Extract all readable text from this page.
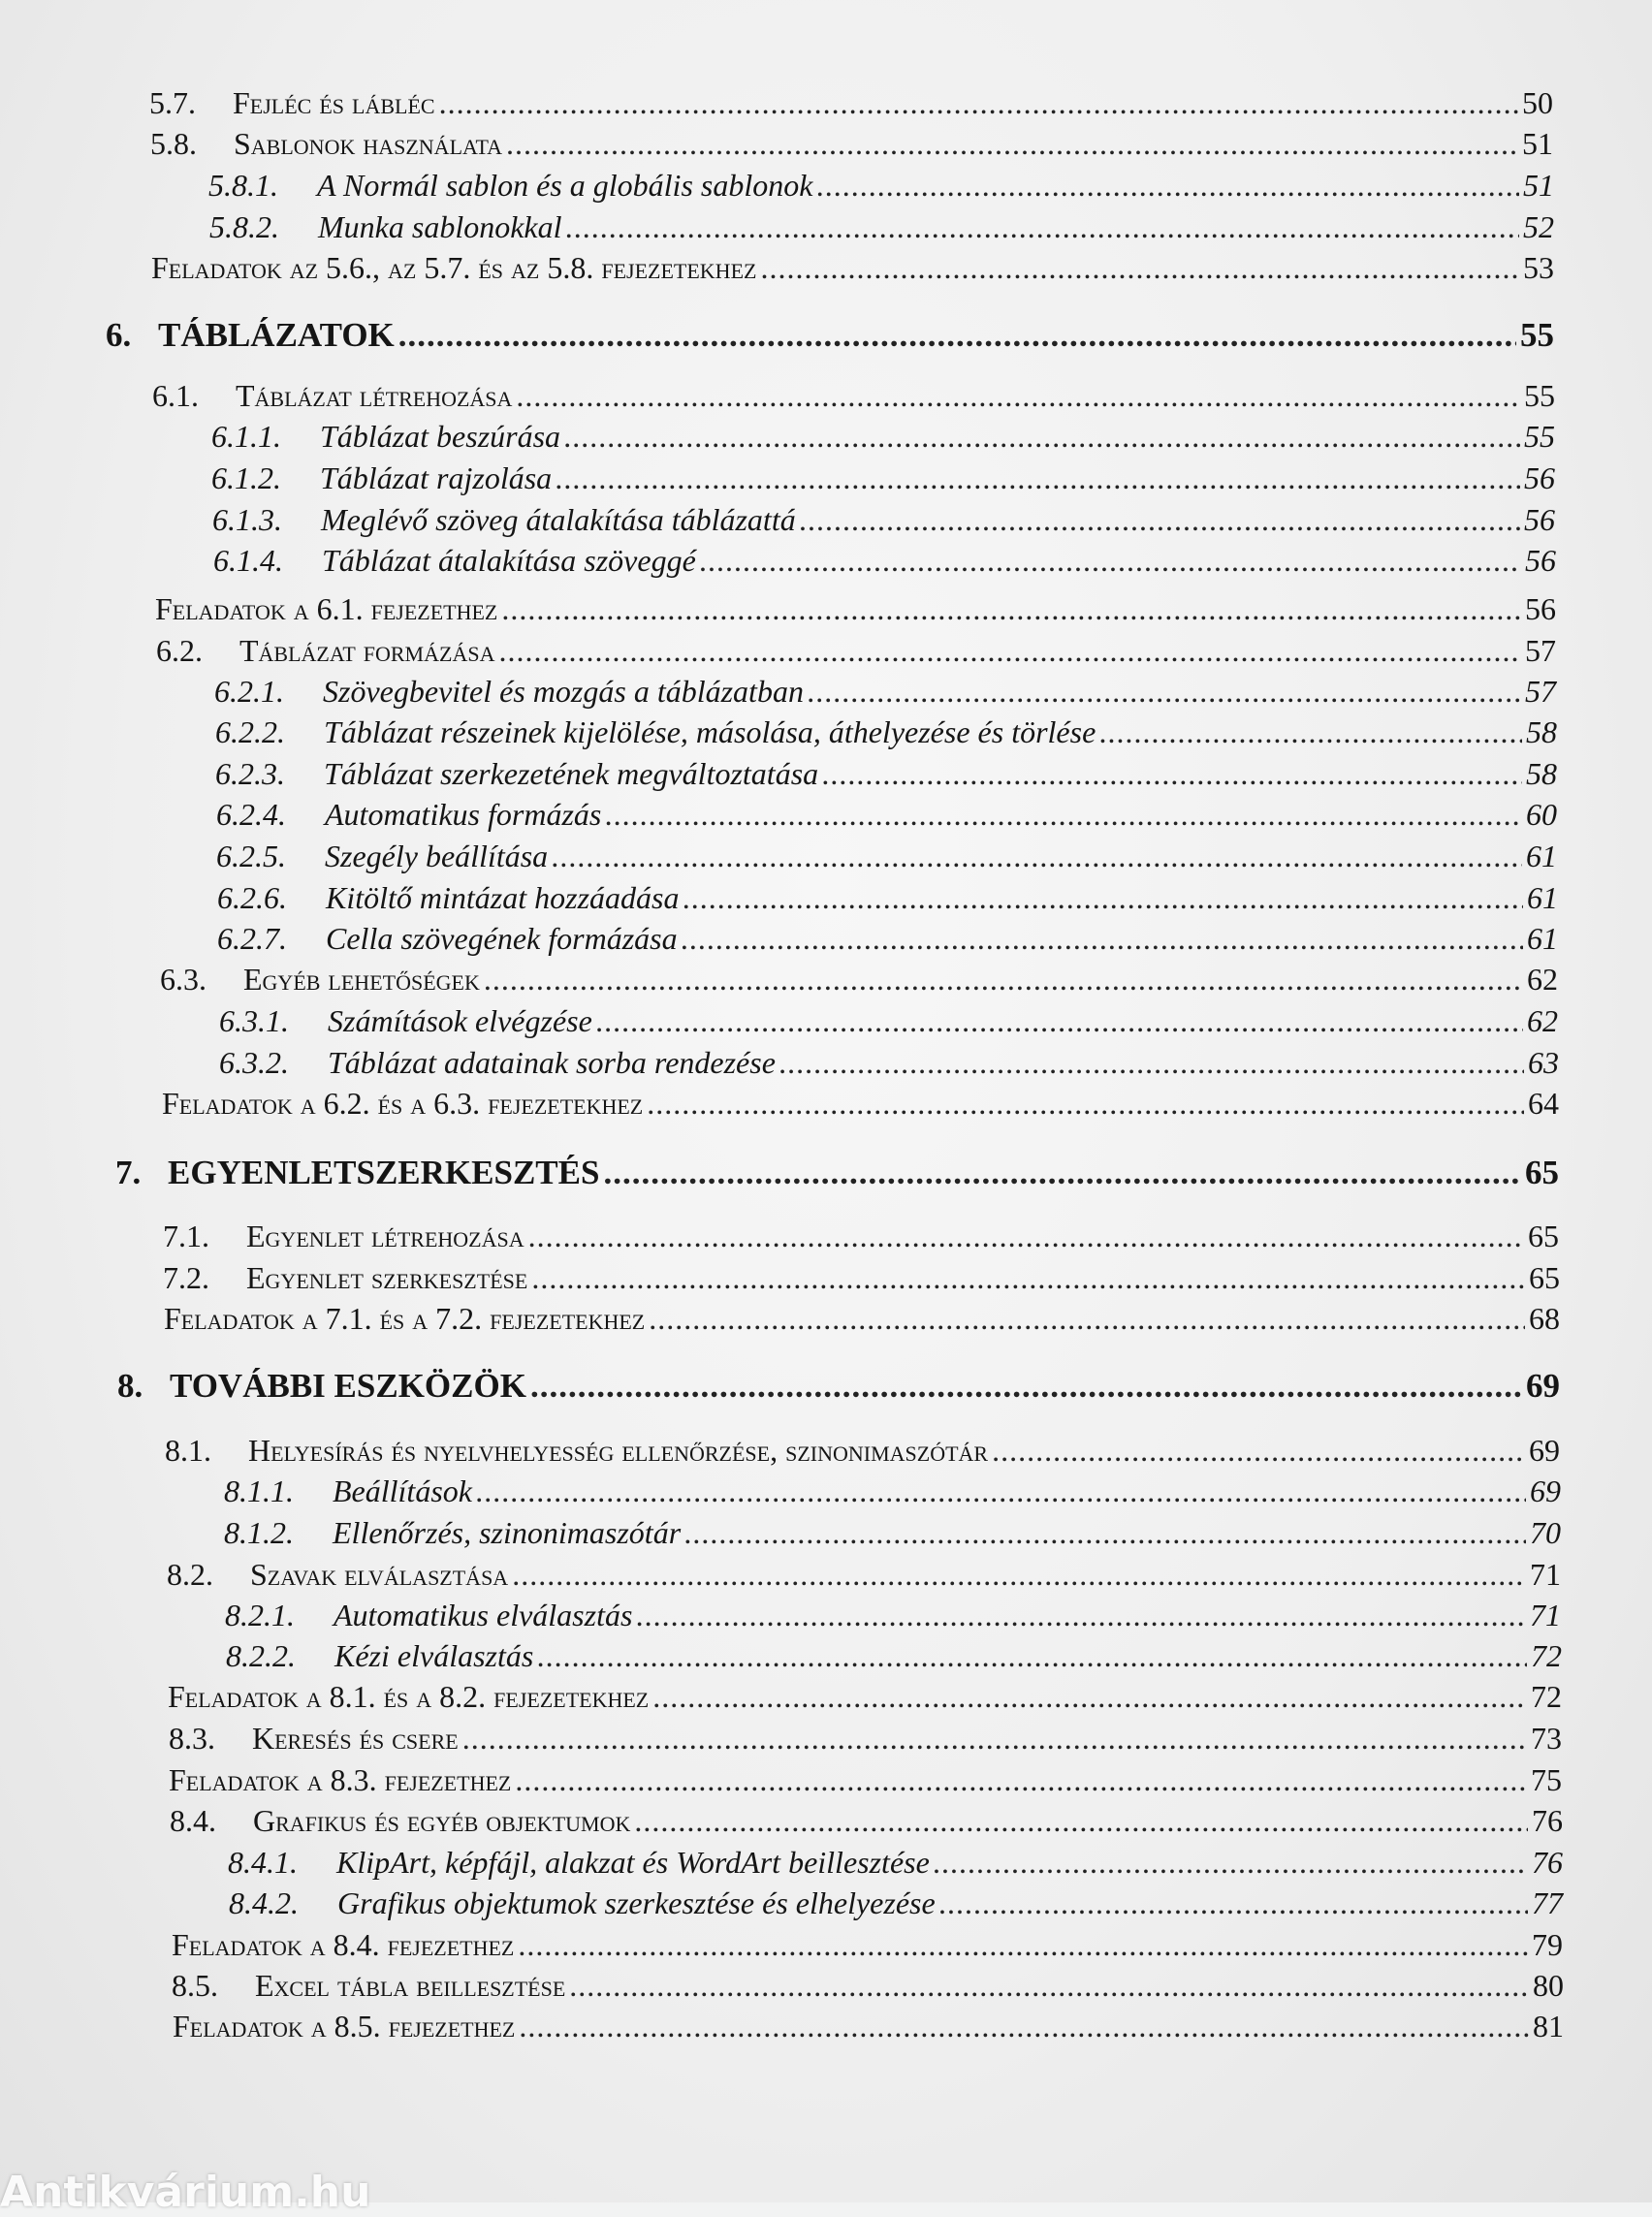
5.7.	Fejléc és lábléc .....	50
5.8.	Sablonok használata .....	51
5.8.1.	A Normál sablon és a globális sablonok .....	51
5.8.2.	Munka sablonokkal .....	52
Feladatok az 5.6., az 5.7. és az 5.8. fejezetekhez .....	53
6. TÁBLÁZATOK .....	55
6.1.	Táblázat létrehozása .....	55
6.1.1.	Táblázat beszúrása .....	55
6.1.2.	Táblázat rajzolása .....	56
6.1.3.	Meglévő szöveg átalakítása táblázattá .....	56
6.1.4.	Táblázat átalakítása szöveggé .....	56
Feladatok a 6.1. fejezethez .....	56
6.2.	Táblázat formázása .....	57
6.2.1.	Szövegbevitel és mozgás a táblázatban .....	57
6.2.2.	Táblázat részeinek kijelölése, másolása, áthelyezése és törlése .....	58
6.2.3.	Táblázat szerkezetének megváltoztatása .....	58
6.2.4.	Automatikus formázás .....	60
6.2.5.	Szegély beállítása .....	61
6.2.6.	Kitöltő mintázat hozzáadása .....	61
6.2.7.	Cella szövegének formázása .....	61
6.3.	Egyéb lehetőségek .....	62
6.3.1.	Számítások elvégzése .....	62
6.3.2.	Táblázat adatainak sorba rendezése .....	63
Feladatok a 6.2. és a 6.3. fejezetekhez .....	64
7. EGYENLETSZERKESZTÉS .....	65
7.1.	Egyenlet létrehozása .....	65
7.2.	Egyenlet szerkesztése .....	65
Feladatok a 7.1. és a 7.2. fejezetekhez .....	68
8. TOVÁBBI ESZKÖZÖK .....	69
8.1.	Helyesírás és nyelvhelyesség ellenőrzése, szinonimaszótár .....	69
8.1.1.	Beállítások .....	69
8.1.2.	Ellenőrzés, szinonimaszótár .....	70
8.2.	Szavak elválasztása .....	71
8.2.1.	Automatikus elválasztás .....	71
8.2.2.	Kézi elválasztás .....	72
Feladatok a 8.1. és a 8.2. fejezetekhez .....	72
8.3.	Keresés és csere .....	73
Feladatok a 8.3. fejezethez .....	75
8.4.	Grafikus és egyéb objektumok .....	76
8.4.1.	KlipArt, képfájl, alakzat és WordArt beillesztése .....	76
8.4.2.	Grafikus objektumok szerkesztése és elhelyezése .....	77
Feladatok a 8.4. fejezethez .....	79
8.5.	Excel tábla beillesztése .....	80
Feladatok a 8.5. fejezethez .....	81
Antikvárium.hu
